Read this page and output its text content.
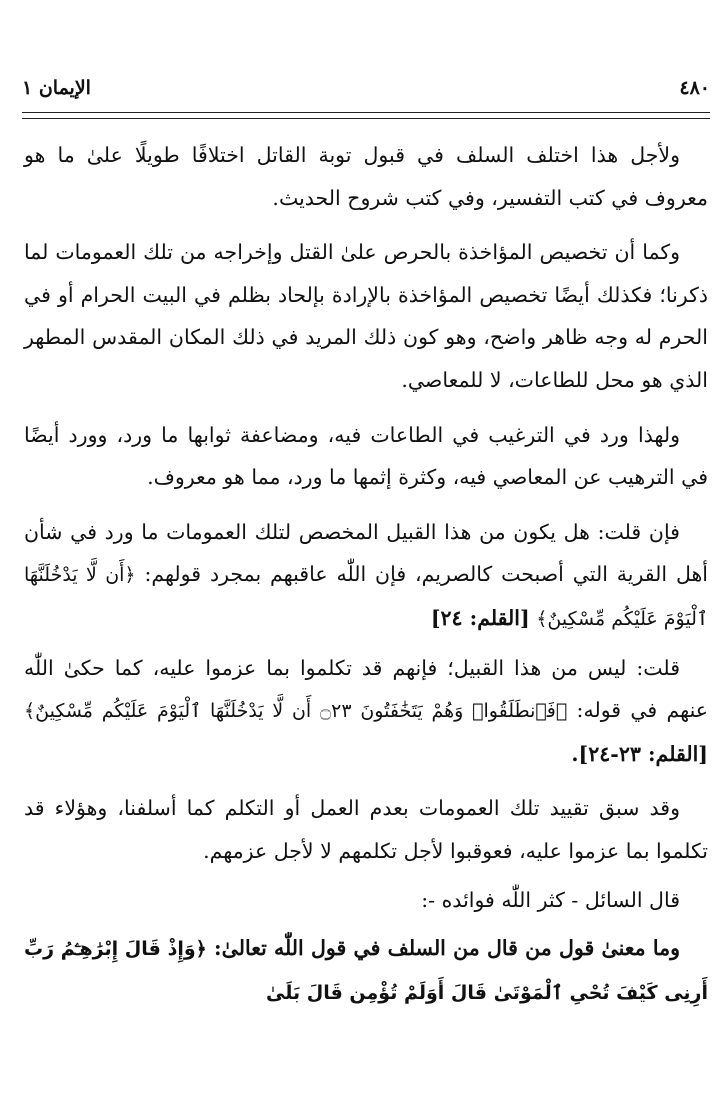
٤٨٠
الإيمان ١

ولأجل هذا اختلف السلف في قبول توبة القاتل اختلافًا طويلًا علىٰ ما هو معروف في كتب التفسير، وفي كتب شروح الحديث.

وكما أن تخصيص المؤاخذة بالحرص علىٰ القتل وإخراجه من تلك العمومات لما ذكرنا؛ فكذلك أيضًا تخصيص المؤاخذة بالإرادة بإلحاد بظلم في البيت الحرام أو في الحرم له وجه ظاهر واضح، وهو كون ذلك المريد في ذلك المكان المقدس المطهر الذي هو محل للطاعات، لا للمعاصي.

ولهذا ورد في الترغيب في الطاعات فيه، ومضاعفة ثوابها ما ورد، وورد أيضًا في الترهيب عن المعاصي فيه، وكثرة إثمها ما ورد، مما هو معروف.

فإن قلت: هل يكون من هذا القبيل المخصص لتلك العمومات ما ورد في شأن أهل القرية التي أصبحت كالصريم، فإن اللّٰه عاقبهم بمجرد قولهم: ﴿أَن لَّا يَدْخُلَنَّهَا ٱلْيَوْمَ عَلَيْكُم مِّسْكِينٌ﴾ [القلم: ٢٤]

قلت: ليس من هذا القبيل؛ فإنهم قد تكلموا بما عزموا عليه، كما حكىٰ اللّٰه عنهم في قوله: ﴿فَٱنطَلَقُوا۟ وَهُمْ يَتَخَٰفَتُونَ ۝٢٣ أَن لَّا يَدْخُلَنَّهَا ٱلْيَوْمَ عَلَيْكُم مِّسْكِينٌ﴾ [القلم: ٢٣-٢٤].

وقد سبق تقييد تلك العمومات بعدم العمل أو التكلم كما أسلفنا، وهؤلاء قد تكلموا بما عزموا عليه، فعوقبوا لأجل تكلمهم لا لأجل عزمهم.

قال السائل - كثر اللّٰه فوائده -:

وما معنىٰ قول من قال من السلف في قول اللّٰه تعالىٰ: ﴿وَإِذْ قَالَ إِبْرَٰهِـۧمُ رَبِّ أَرِنِى كَيْفَ تُحْىِ ٱلْمَوْتَىٰ قَالَ أَوَلَمْ تُؤْمِن قَالَ بَلَىٰ
